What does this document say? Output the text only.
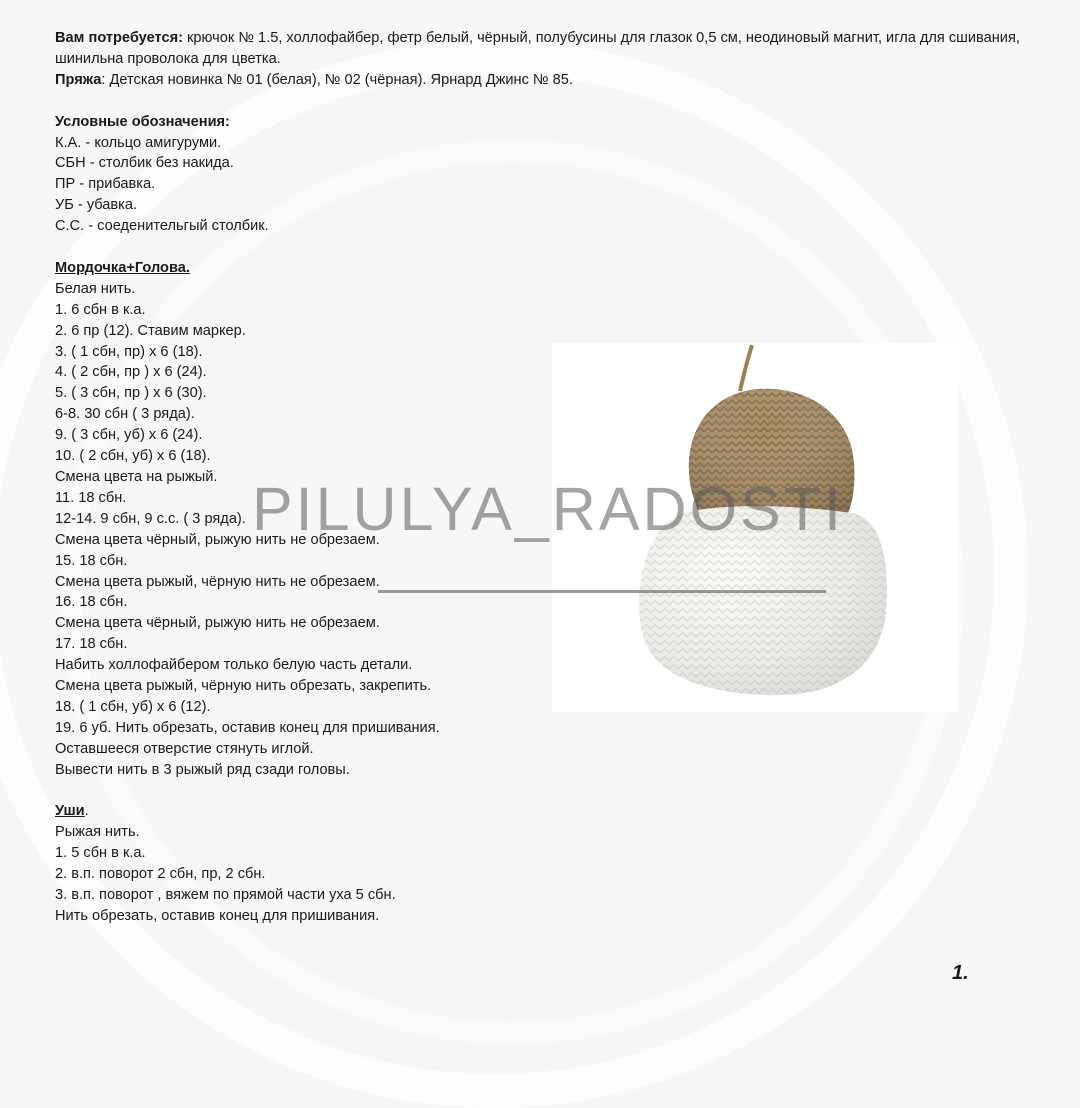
Вам потребуется: крючок № 1.5, холлофайбер, фетр белый, чёрный, полубусины для глазок 0,5 см, неодиновый магнит, игла для сшивания, шинильна проволока для цветка.

Пряжа: Детская новинка № 01 (белая), № 02 (чёрная). Ярнард Джинс № 85.

Условные обозначения:

К.А. - кольцо амигуруми.

СБН - столбик без накида.

ПР - прибавка.

УБ - убавка.

С.С. - соеденительгый столбик.

Мордочка+Голова.

Белая нить.

1. 6 сбн в к.а.

2. 6 пр (12). Ставим маркер.

3. ( 1 сбн, пр) х 6 (18).

4. ( 2 сбн, пр ) х 6 (24).

5. ( 3 сбн, пр ) х 6 (30).

6-8. 30 сбн ( 3 ряда).

9. ( 3 сбн, уб) х 6 (24).

10. ( 2 сбн, уб) х 6 (18).

Смена цвета на рыжый.

11. 18 сбн.

12-14. 9 сбн, 9 с.с. ( 3 ряда).

Смена цвета чёрный, рыжую нить не обрезаем.

15. 18 сбн.

Смена цвета рыжый, чёрную нить не обрезаем.

16. 18 сбн.

Смена цвета чёрный, рыжую нить не обрезаем.

17. 18 сбн.

Набить холлофайбером только белую часть детали.

Смена цвета рыжый, чёрную нить обрезать, закрепить.

18. ( 1 сбн, уб) х 6 (12).

19. 6 уб. Нить обрезать, оставив конец для пришивания.

Оставшееся отверстие стянуть иглой.

Вывести нить в 3 рыжый ряд сзади головы.

Уши.

Рыжая нить.

1. 5 сбн в к.а.

2. в.п. поворот 2 сбн, пр, 2 сбн.

3. в.п. поворот , вяжем по прямой части уха 5 сбн.

Нить обрезать, оставив конец для пришивания.

PILULYA_RADOSTI
1.
